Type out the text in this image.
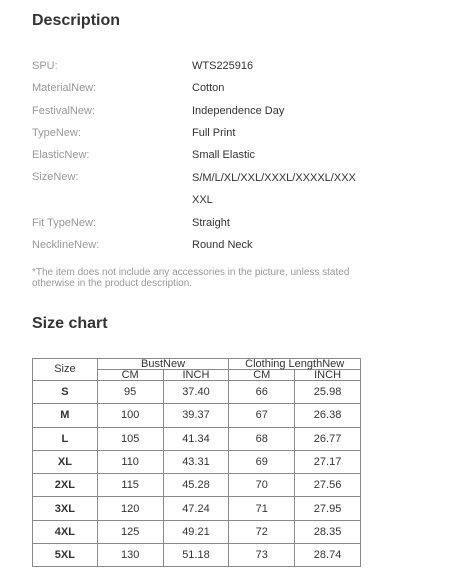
Description
SPU:	WTS225916
MaterialNew:	Cotton
FestivalNew:	Independence Day
TypeNew:	Full Print
ElasticNew:	Small Elastic
SizeNew:	S/M/L/XL/XXL/XXXL/XXXXL/XXXXXL
Fit TypeNew:	Straight
NecklineNew:	Round Neck

*The item does not include any accessories in the picture, unless stated otherwise in the product description.

Size chart
Size	BustNew		Clothing LengthNew	
	CM	INCH	CM	INCH
S	95	37.40	66	25.98
M	100	39.37	67	26.38
L	105	41.34	68	26.77
XL	110	43.31	69	27.17
2XL	115	45.28	70	27.56
3XL	120	47.24	71	27.95
4XL	125	49.21	72	28.35
5XL	130	51.18	73	28.74
